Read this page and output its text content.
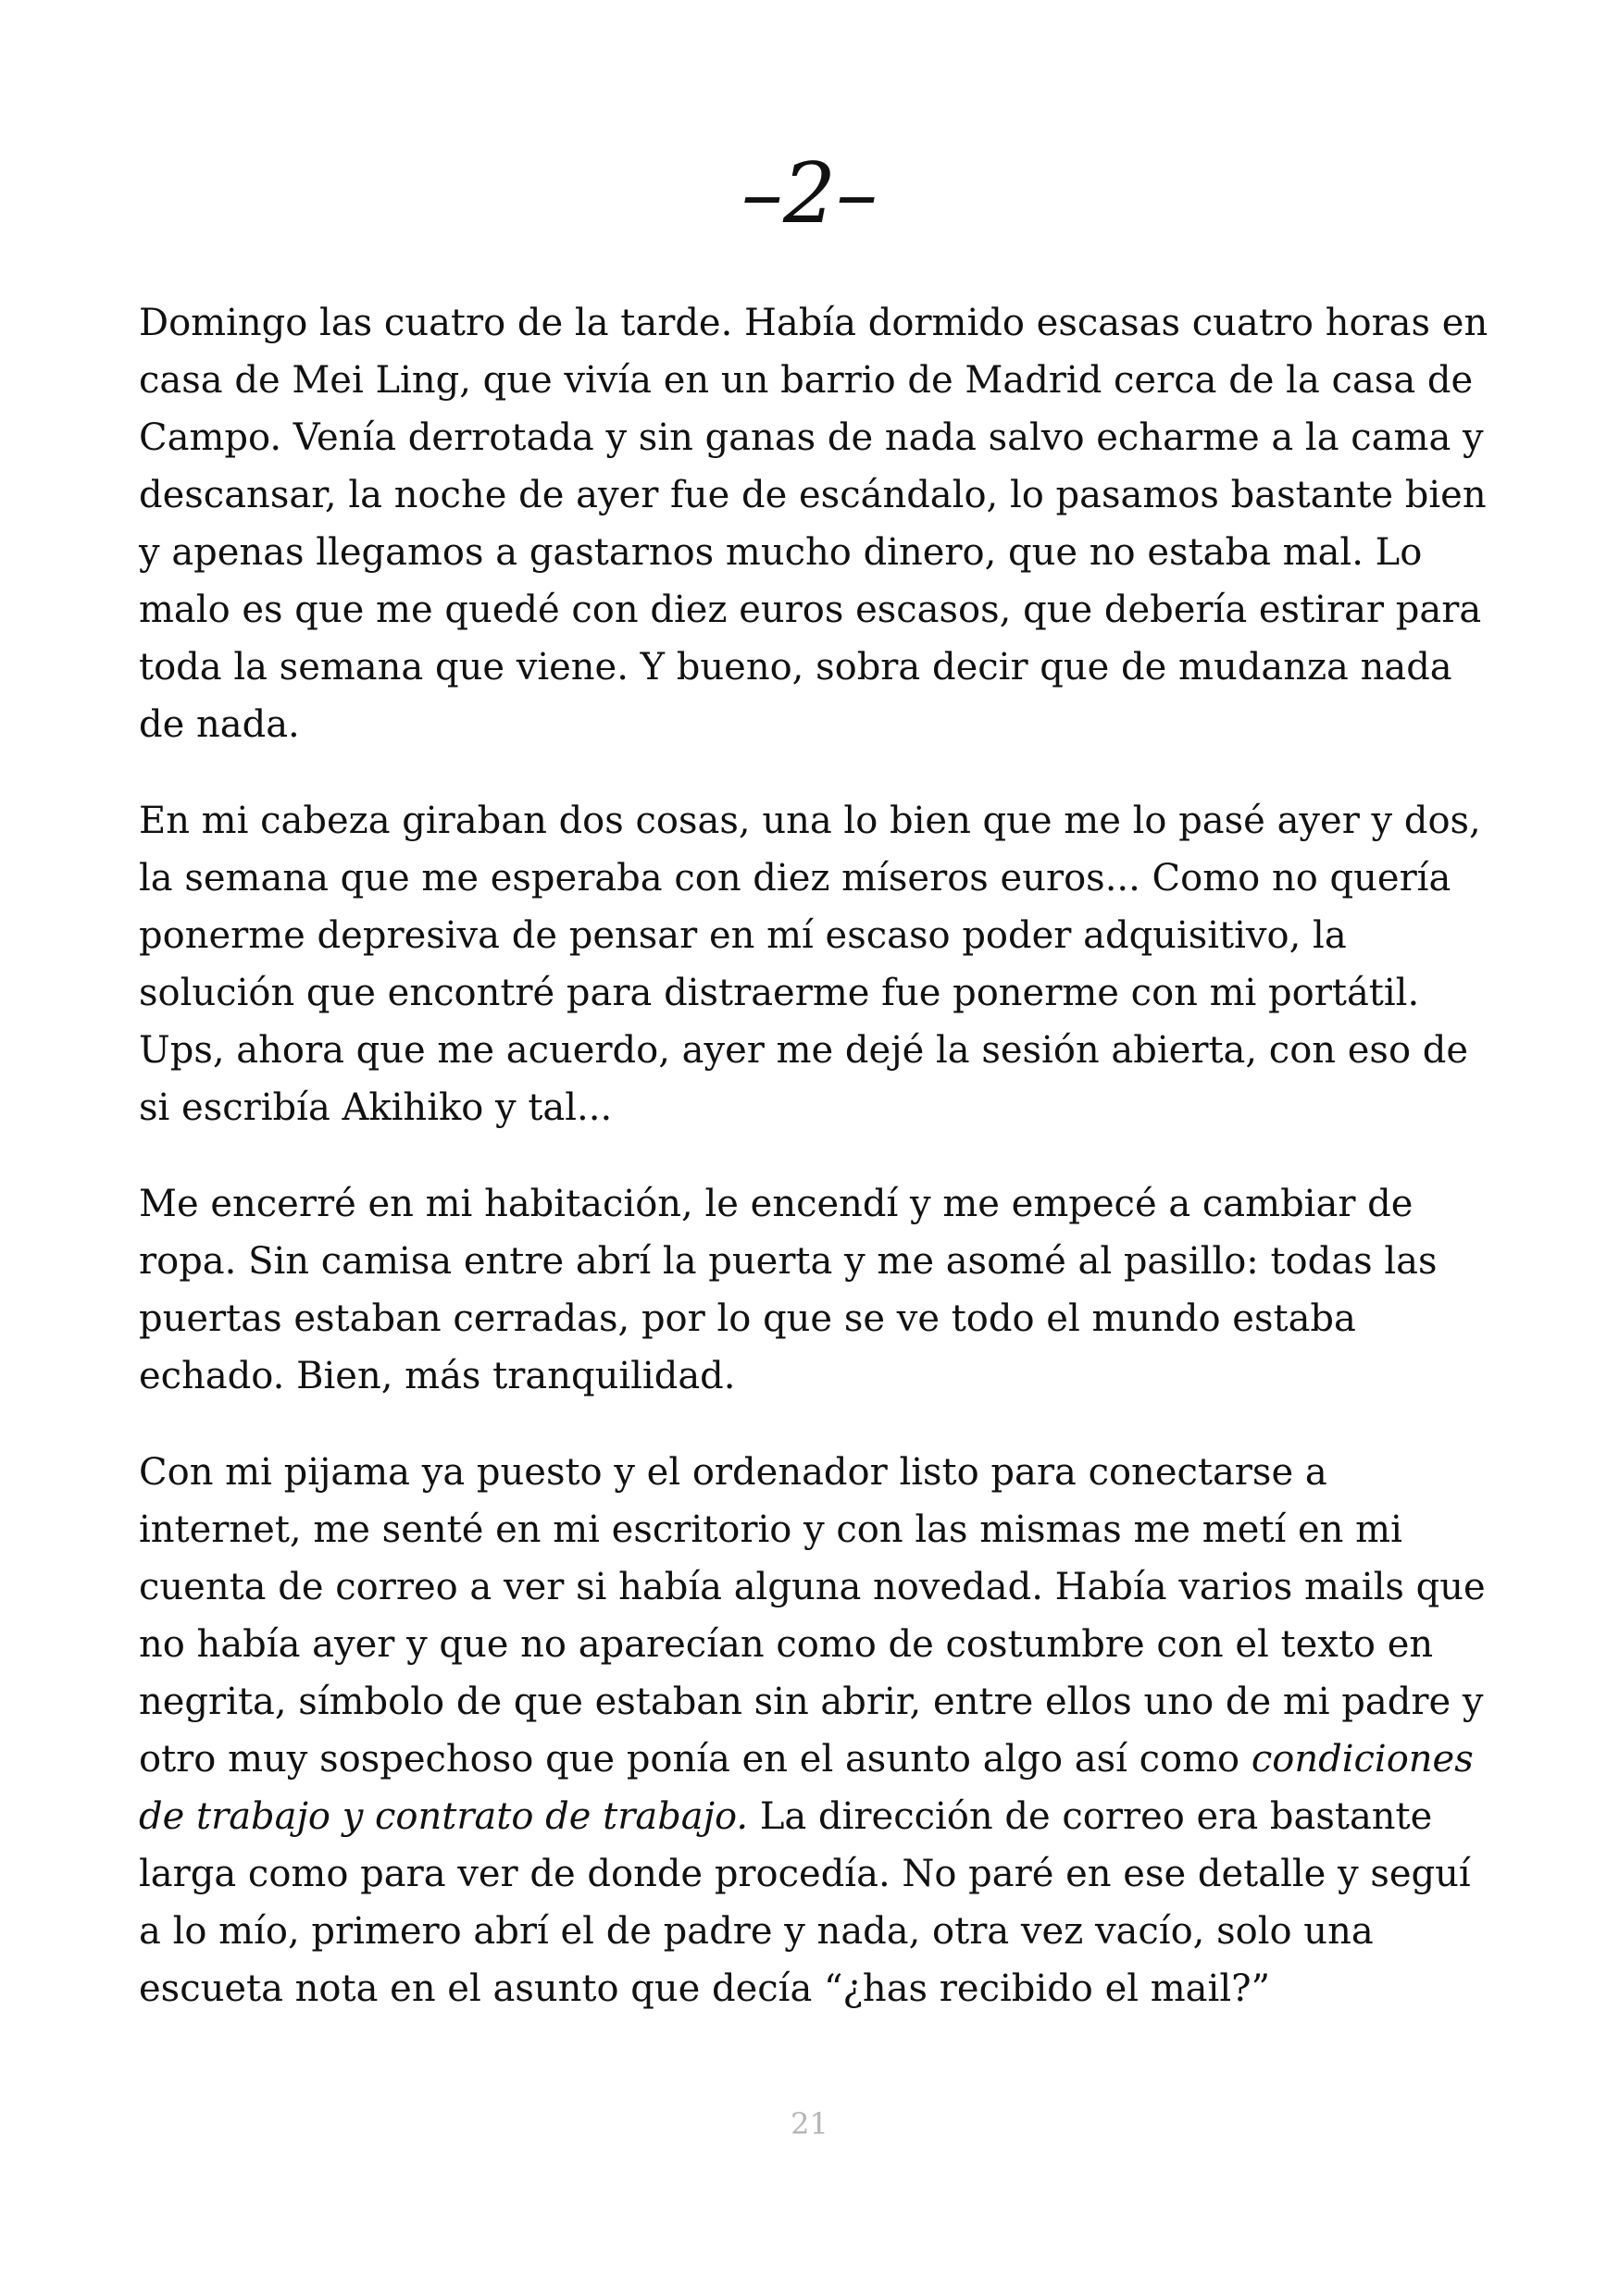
–2–

Domingo las cuatro de la tarde. Había dormido escasas cuatro horas en casa de Mei Ling, que vivía en un barrio de Madrid cerca de la casa de Campo. Venía derrotada y sin ganas de nada salvo echarme a la cama y descansar, la noche de ayer fue de escándalo, lo pasamos bastante bien y apenas llegamos a gastarnos mucho dinero, que no estaba mal. Lo malo es que me quedé con diez euros escasos, que debería estirar para toda la semana que viene. Y bueno, sobra decir que de mudanza nada de nada.

En mi cabeza giraban dos cosas, una lo bien que me lo pasé ayer y dos, la semana que me esperaba con diez míseros euros... Como no quería ponerme depresiva de pensar en mí escaso poder adquisitivo, la solución que encontré para distraerme fue ponerme con mi portátil. Ups, ahora que me acuerdo, ayer me dejé la sesión abierta, con eso de si escribía Akihiko y tal...

Me encerré en mi habitación, le encendí y me empecé a cambiar de ropa. Sin camisa entre abrí la puerta y me asomé al pasillo: todas las puertas estaban cerradas, por lo que se ve todo el mundo estaba echado. Bien, más tranquilidad.

Con mi pijama ya puesto y el ordenador listo para conectarse a internet, me senté en mi escritorio y con las mismas me metí en mi cuenta de correo a ver si había alguna novedad. Había varios mails que no había ayer y que no aparecían como de costumbre con el texto en negrita, símbolo de que estaban sin abrir, entre ellos uno de mi padre y otro muy sospechoso que ponía en el asunto algo así como condiciones de trabajo y contrato de trabajo. La dirección de correo era bastante larga como para ver de donde procedía. No paré en ese detalle y seguí a lo mío, primero abrí el de padre y nada, otra vez vacío, solo una escueta nota en el asunto que decía “¿has recibido el mail?”

21
